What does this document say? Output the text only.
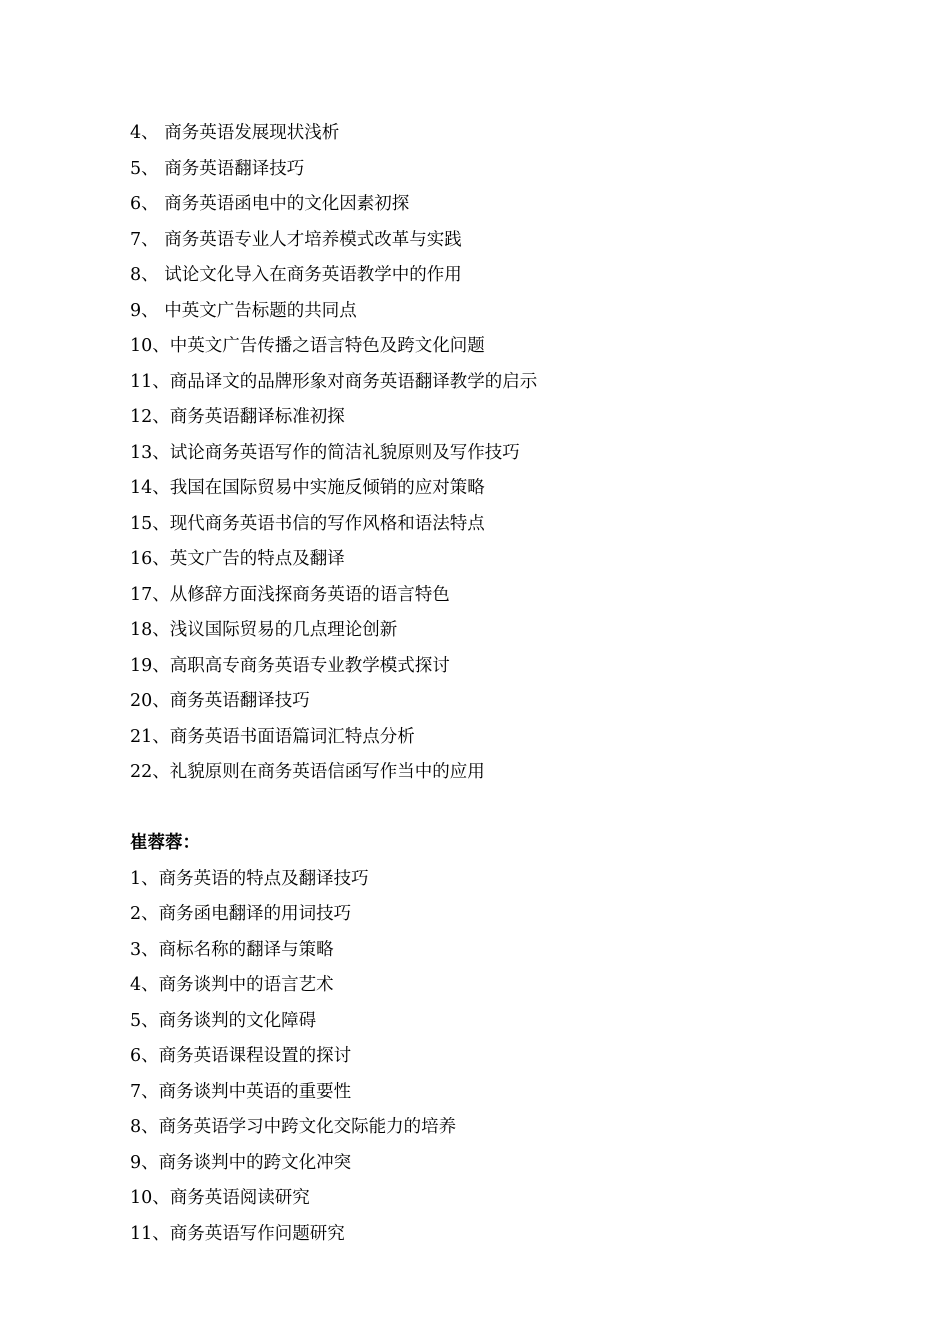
4、 商务英语发展现状浅析
5、 商务英语翻译技巧
6、 商务英语函电中的文化因素初探
7、 商务英语专业人才培养模式改革与实践
8、 试论文化导入在商务英语教学中的作用
9、 中英文广告标题的共同点
10、中英文广告传播之语言特色及跨文化问题
11、商品译文的品牌形象对商务英语翻译教学的启示
12、商务英语翻译标准初探
13、试论商务英语写作的简洁礼貌原则及写作技巧
14、我国在国际贸易中实施反倾销的应对策略
15、现代商务英语书信的写作风格和语法特点
16、英文广告的特点及翻译
17、从修辞方面浅探商务英语的语言特色
18、浅议国际贸易的几点理论创新
19、高职高专商务英语专业教学模式探讨
20、商务英语翻译技巧
21、商务英语书面语篇词汇特点分析
22、礼貌原则在商务英语信函写作当中的应用
崔蓉蓉：
1、商务英语的特点及翻译技巧
2、商务函电翻译的用词技巧
3、商标名称的翻译与策略
4、商务谈判中的语言艺术
5、商务谈判的文化障碍
6、商务英语课程设置的探讨
7、商务谈判中英语的重要性
8、商务英语学习中跨文化交际能力的培养
9、商务谈判中的跨文化冲突
10、商务英语阅读研究
11、商务英语写作问题研究
